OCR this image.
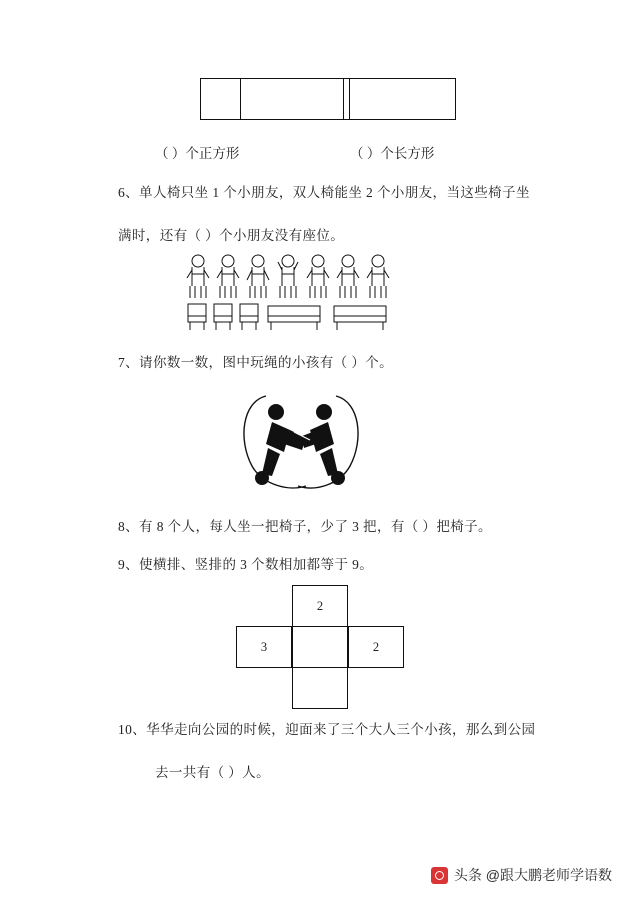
（ ）个正方形	（ ）个长方形
6、单人椅只坐 1 个小朋友，双人椅能坐 2 个小朋友，当这些椅子坐
满时，还有（ ）个小朋友没有座位。
7、请你数一数，图中玩绳的小孩有（ ）个。
8、有 8 个人，每人坐一把椅子，少了 3 把，有（ ）把椅子。
9、使横排、竖排的 3 个数相加都等于 9。
2
3	2
10、华华走向公园的时候，迎面来了三个大人三个小孩，那么到公园
去一共有（ ）人。
头条 @跟大鹏老师学语数
